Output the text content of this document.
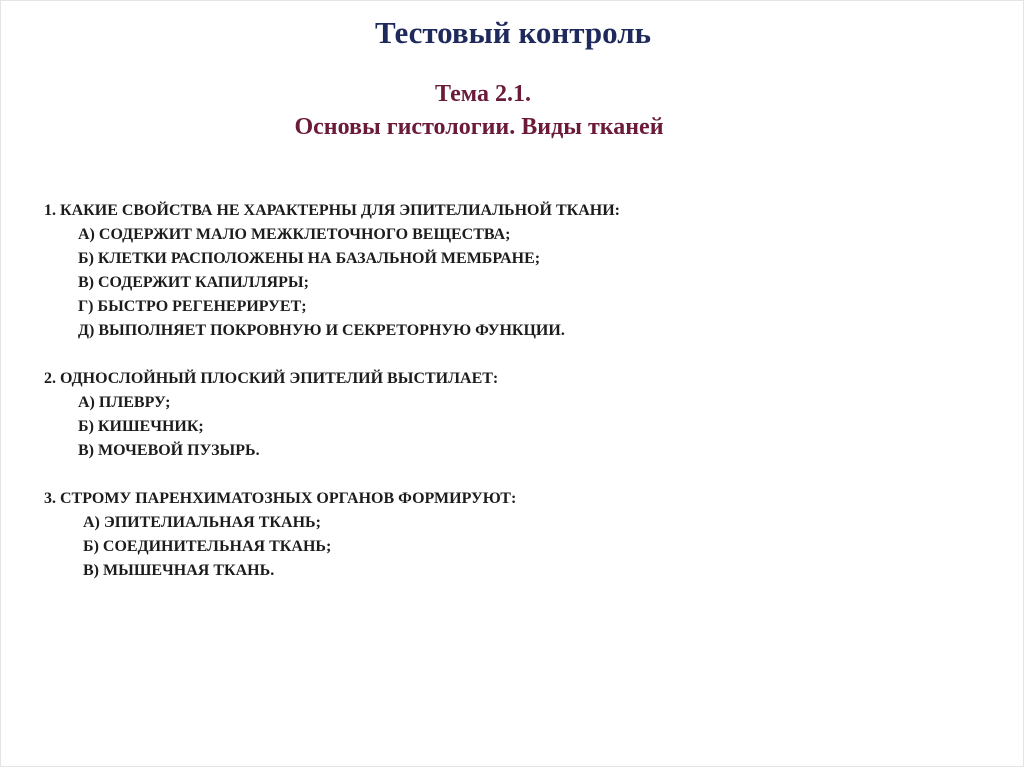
Тестовый контроль
Тема 2.1.
Основы гистологии. Виды тканей
1. КАКИЕ СВОЙСТВА НЕ ХАРАКТЕРНЫ ДЛЯ ЭПИТЕЛИАЛЬНОЙ ТКАНИ:
А) СОДЕРЖИТ МАЛО МЕЖКЛЕТОЧНОГО ВЕЩЕСТВА;
Б) КЛЕТКИ РАСПОЛОЖЕНЫ НА БАЗАЛЬНОЙ МЕМБРАНЕ;
В) СОДЕРЖИТ КАПИЛЛЯРЫ;
Г) БЫСТРО РЕГЕНЕРИРУЕТ;
Д) ВЫПОЛНЯЕТ ПОКРОВНУЮ И СЕКРЕТОРНУЮ ФУНКЦИИ.
2. ОДНОСЛОЙНЫЙ ПЛОСКИЙ ЭПИТЕЛИЙ ВЫСТИЛАЕТ:
А) ПЛЕВРУ;
Б) КИШЕЧНИК;
В) МОЧЕВОЙ ПУЗЫРЬ.
3. СТРОМУ ПАРЕНХИМАТОЗНЫХ ОРГАНОВ ФОРМИРУЮТ:
А) ЭПИТЕЛИАЛЬНАЯ ТКАНЬ;
Б) СОЕДИНИТЕЛЬНАЯ ТКАНЬ;
В) МЫШЕЧНАЯ ТКАНЬ.
